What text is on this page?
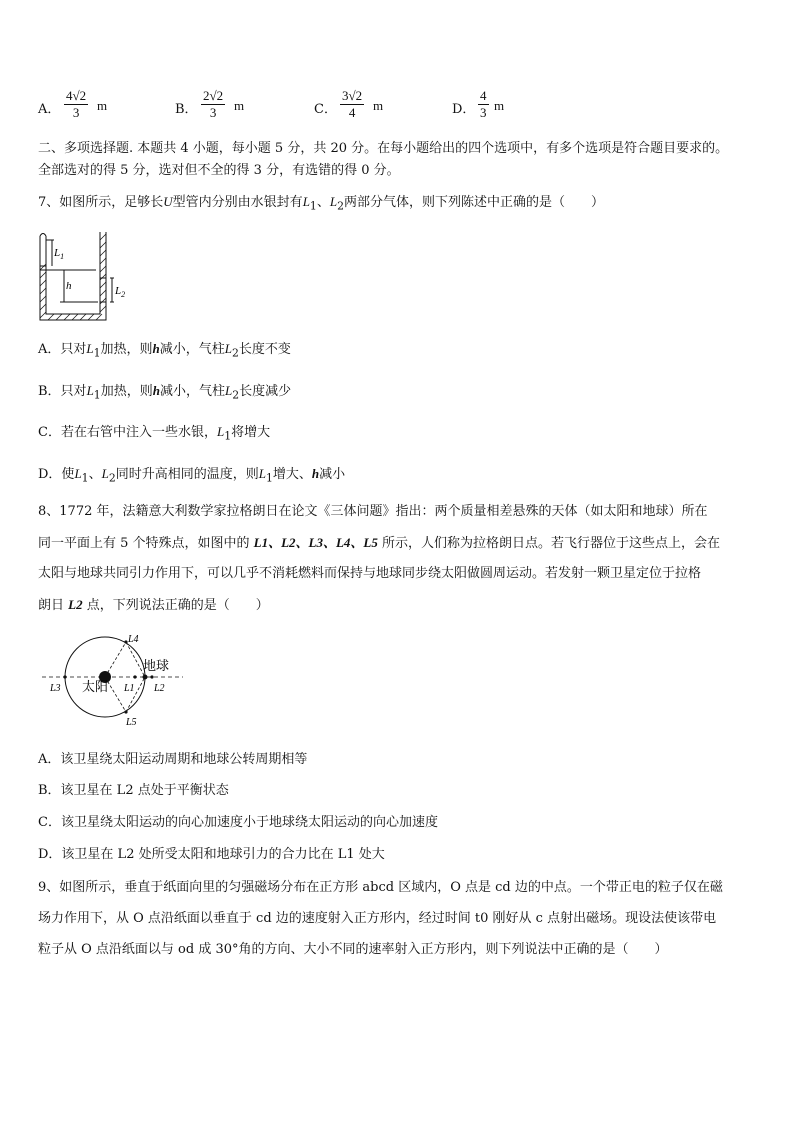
A． $\frac{4√2}{3}$ m	B． $\frac{2√2}{3}$ m	C． $\frac{3√2}{4}$ m	D． $\frac{4}{3}$ m
二、多项选择题. 本题共 4 小题，每小题 5 分，共 20 分。在每小题给出的四个选项中，有多个选项是符合题目要求的。
全部选对的得 5 分，选对但不全的得 3 分，有选错的得 0 分。
7、如图所示，足够长U型管内分别由水银封有$L_1$、$L_2$两部分气体，则下列陈述中正确的是（　　）
$L_1$
h	$L_2$
A．只对$L_1$加热，则h减小，气柱$L_2$长度不变
B．只对$L_1$加热，则h减小，气柱$L_2$长度减少
C．若在右管中注入一些水银，$L_1$将增大
D．使$L_1$、$L_2$同时升高相同的温度，则$L_1$增大、h减小
8、1772 年，法籍意大利数学家拉格朗日在论文《三体问题》指出：两个质量相差悬殊的天体（如太阳和地球）所在
同一平面上有 5 个特殊点，如图中的 L1、L2、L3、L4、L5 所示，人们称为拉格朗日点。若飞行器位于这些点上，会在
太阳与地球共同引力作用下，可以几乎不消耗燃料而保持与地球同步绕太阳做圆周运动。若发射一颗卫星定位于拉格
朗日 L2 点，下列说法正确的是（　　）
太阳
地球
L3	L1 L2
L4
L5
A．该卫星绕太阳运动周期和地球公转周期相等
B．该卫星在 L2 点处于平衡状态
C．该卫星绕太阳运动的向心加速度小于地球绕太阳运动的向心加速度
D．该卫星在 L2 处所受太阳和地球引力的合力比在 L1 处大
9、如图所示，垂直于纸面向里的匀强磁场分布在正方形 abcd 区域内，O 点是 cd 边的中点。一个带正电的粒子仅在磁
场力作用下，从 O 点沿纸面以垂直于 cd 边的速度射入正方形内，经过时间 t0 刚好从 c 点射出磁场。现设法使该带电
粒子从 O 点沿纸面以与 od 成 30°角的方向、大小不同的速率射入正方形内，则下列说法中正确的是（　　）
